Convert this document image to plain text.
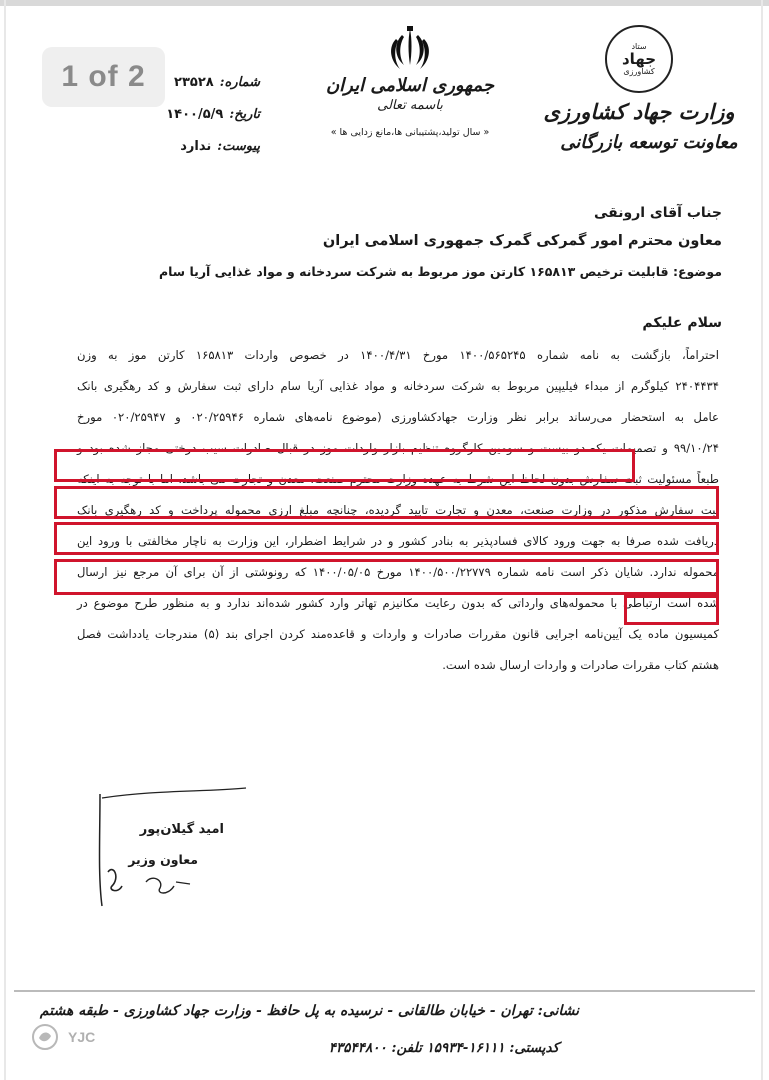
1 of 2
ستاد
جهاد
کشاورزی
وزارت جهاد کشاورزی
معاونت توسعه بازرگانی
جمهوری اسلامی ایران
باسمه تعالی
« سال تولید،پشتیبانی ها،مانع زدایی ها »
شماره:
۲۳۵۲۸
تاریخ:
۱۴۰۰/۵/۹
پیوست:
ندارد
جناب آقای ارونقی
معاون محترم امور گمرکی گمرک جمهوری اسلامی ایران
موضوع: قابلیت ترخیص ۱۶۵۸۱۳ کارتن موز مربوط به شرکت سردخانه و مواد غذایی آریا سام
سلام علیکم
احتراماً، بازگشت به نامه شماره ۱۴۰۰/۵۶۵۲۴۵ مورخ ۱۴۰۰/۴/۳۱ در خصوص واردات ۱۶۵۸۱۳ کارتن موز به وزن
۲۴۰۴۴۳۴ کیلوگرم از مبداء فیلیپین مربوط به شرکت سردخانه و مواد غذایی آریا سام دارای ثبت سفارش و کد رهگیری بانک
عامل به استحضار می‌رساند برابر نظر وزارت جهادکشاورزی (موضوع نامه‌های شماره ۰۲۰/۲۵۹۴۶ و ۰۲۰/۲۵۹۴۷ مورخ
۹۹/۱۰/۲۴ و تصمیمات یکصدو بیست و سومین کارگروه تنظیم بازار واردات موز در قبال صادرات سیب درختی مجاز شده بود و
طبعاً مسئولیت ثبت سفارش بدون لحاظ این شرط به عهده وزارت محترم صنعت، معدن و تجارت می باشد، اما با توجه به اینکه
ثبت سفارش مذکور در وزارت صنعت، معدن و تجارت تایید گردیده، چنانچه مبلغ ارزی محموله پرداخت و کد رهگیری بانک
دریافت شده صرفا به جهت ورود کالای فسادپذیر به بنادر کشور و در شرایط اضطرار، این وزارت به ناچار مخالفتی با ورود این
محموله ندارد. شایان ذکر است نامه شماره ۱۴۰۰/۵۰۰/۲۲۷۷۹ مورخ ۱۴۰۰/۰۵/۰۵ که رونوشتی از آن برای آن مرجع نیز ارسال
شده است ارتباطی با محموله‌های وارداتی که بدون رعایت مکانیزم تهاتر وارد کشور شده‌اند ندارد و به منظور طرح موضوع در
کمیسیون ماده یک آیین‌نامه اجرایی قانون مقررات صادرات و واردات و قاعده‌مند کردن اجرای بند (۵) مندرجات یادداشت فصل
هشتم کتاب مقررات صادرات و واردات ارسال شده است.
امید گیلان‌پور
معاون وزیر
نشانی: تهران - خیابان طالقانی - نرسیده به پل حافظ - وزارت جهاد کشاورزی - طبقه هشتم
کدپستی: ۱۶۱۱۱-۱۵۹۳۴ تلفن: ۴۳۵۴۴۸۰۰
YJC
